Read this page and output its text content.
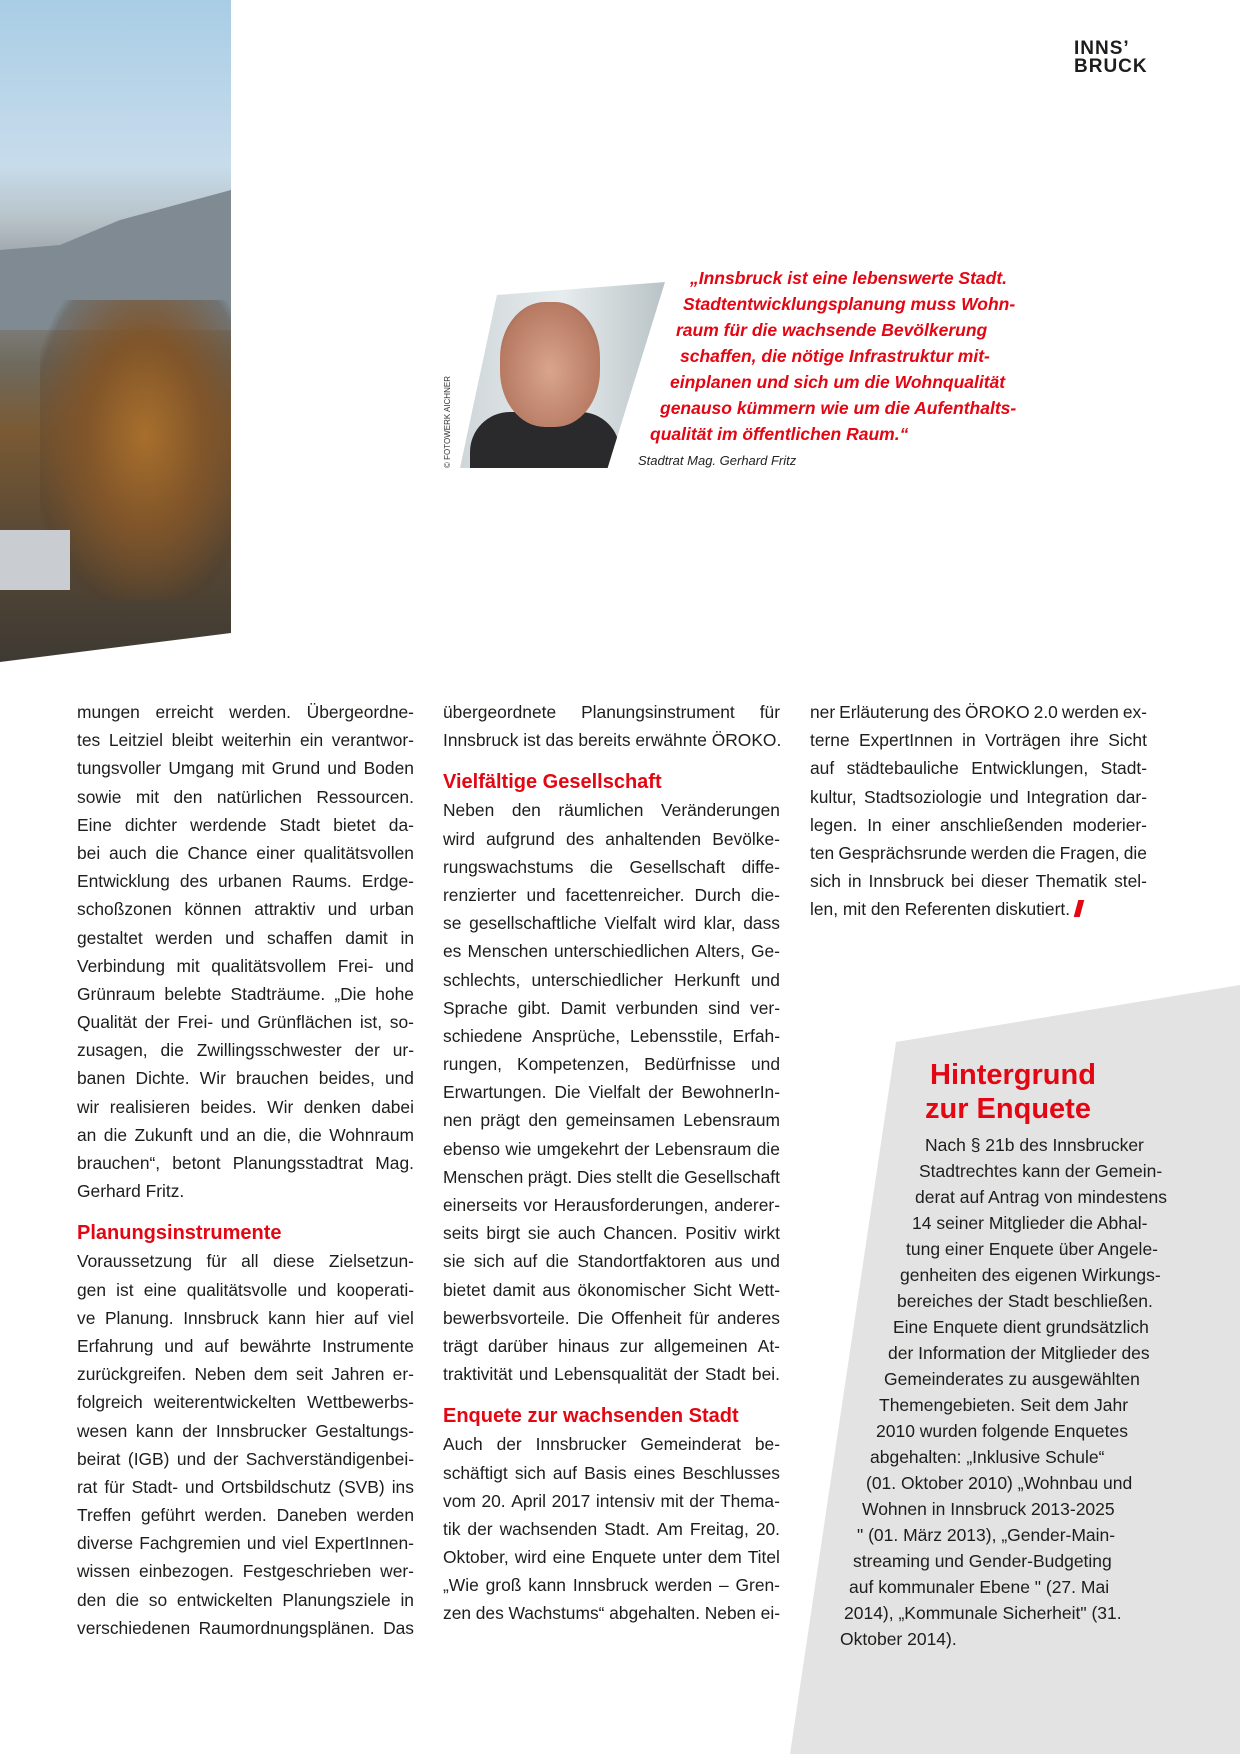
INNS’
BRUCK
© FOTOWERK AICHNER
„Innsbruck ist eine lebenswerte Stadt.
Stadtentwicklungsplanung muss Wohn-
raum für die wachsende Bevölkerung
schaffen, die nötige Infrastruktur mit-
einplanen und sich um die Wohnqualität
genauso kümmern wie um die Aufenthalts-
qualität im öffentlichen Raum.“
Stadtrat Mag. Gerhard Fritz
Hintergrund
zur Enquete
Nach § 21b des Innsbrucker
Stadtrechtes kann der Gemein-
derat auf Antrag von mindestens
14 seiner Mitglieder die Abhal-
tung einer Enquete über Angele-
genheiten des eigenen Wirkungs-
bereiches der Stadt beschließen.
Eine Enquete dient grundsätzlich
der Information der Mitglieder des
Gemeinderates zu ausgewählten
Themengebieten. Seit dem Jahr
2010 wurden folgende Enquetes
abgehalten: „Inklusive Schule“
(01. Oktober 2010) „Wohnbau und
Wohnen in Innsbruck 2013-2025
" (01. März 2013), „Gender-Main-
streaming und Gender-Budgeting
auf kommunaler Ebene " (27. Mai
2014), „Kommunale Sicherheit" (31.
Oktober 2014).
mungen erreicht werden. Übergeordne-
tes Leitziel bleibt weiterhin ein verantwor-
tungsvoller Umgang mit Grund und Boden
sowie mit den natürlichen Ressourcen.
Eine dichter werdende Stadt bietet da-
bei auch die Chance einer qualitätsvollen
Entwicklung des urbanen Raums. Erdge-
schoßzonen können attraktiv und urban
gestaltet werden und schaffen damit in
Verbindung mit qualitätsvollem Frei- und
Grünraum belebte Stadträume. „Die hohe
Qualität der Frei- und Grünflächen ist, so-
zusagen, die Zwillingsschwester der ur-
banen Dichte. Wir brauchen beides, und
wir realisieren beides. Wir denken dabei
an die Zukunft und an die, die Wohnraum
brauchen“, betont Planungsstadtrat Mag.
Gerhard Fritz.
Planungsinstrumente
Voraussetzung für all diese Zielsetzun-
gen ist eine qualitätsvolle und kooperati-
ve Planung. Innsbruck kann hier auf viel
Erfahrung und auf bewährte Instrumente
zurückgreifen. Neben dem seit Jahren er-
folgreich weiterentwickelten Wettbewerbs-
wesen kann der Innsbrucker Gestaltungs-
beirat (IGB) und der Sachverständigenbei-
rat für Stadt- und Ortsbildschutz (SVB) ins
Treffen geführt werden. Daneben werden
diverse Fachgremien und viel ExpertInnen-
wissen einbezogen. Festgeschrieben wer-
den die so entwickelten Planungsziele in
verschiedenen Raumordnungsplänen. Das
übergeordnete Planungsinstrument für
Innsbruck ist das bereits erwähnte ÖROKO.
Vielfältige Gesellschaft
Neben den räumlichen Veränderungen
wird aufgrund des anhaltenden Bevölke-
rungswachstums die Gesellschaft diffe-
renzierter und facettenreicher. Durch die-
se gesellschaftliche Vielfalt wird klar, dass
es Menschen unterschiedlichen Alters, Ge-
schlechts, unterschiedlicher Herkunft und
Sprache gibt. Damit verbunden sind ver-
schiedene Ansprüche, Lebensstile, Erfah-
rungen, Kompetenzen, Bedürfnisse und
Erwartungen. Die Vielfalt der BewohnerIn-
nen prägt den gemeinsamen Lebensraum
ebenso wie umgekehrt der Lebensraum die
Menschen prägt. Dies stellt die Gesellschaft
einerseits vor Herausforderungen, anderer-
seits birgt sie auch Chancen. Positiv wirkt
sie sich auf die Standortfaktoren aus und
bietet damit aus ökonomischer Sicht Wett-
bewerbsvorteile. Die Offenheit für anderes
trägt darüber hinaus zur allgemeinen At-
traktivität und Lebensqualität der Stadt bei.
Enquete zur wachsenden Stadt
Auch der Innsbrucker Gemeinderat be-
schäftigt sich auf Basis eines Beschlusses
vom 20. April 2017 intensiv mit der Thema-
tik der wachsenden Stadt. Am Freitag, 20.
Oktober, wird eine Enquete unter dem Titel
„Wie groß kann Innsbruck werden – Gren-
zen des Wachstums“ abgehalten. Neben ei-
ner Erläuterung des ÖROKO 2.0 werden ex-
terne ExpertInnen in Vorträgen ihre Sicht
auf städtebauliche Entwicklungen, Stadt-
kultur, Stadtsoziologie und Integration dar-
legen. In einer anschließenden moderier-
ten Gesprächsrunde werden die Fragen, die
sich in Innsbruck bei dieser Thematik stel-
len, mit den Referenten diskutiert.
